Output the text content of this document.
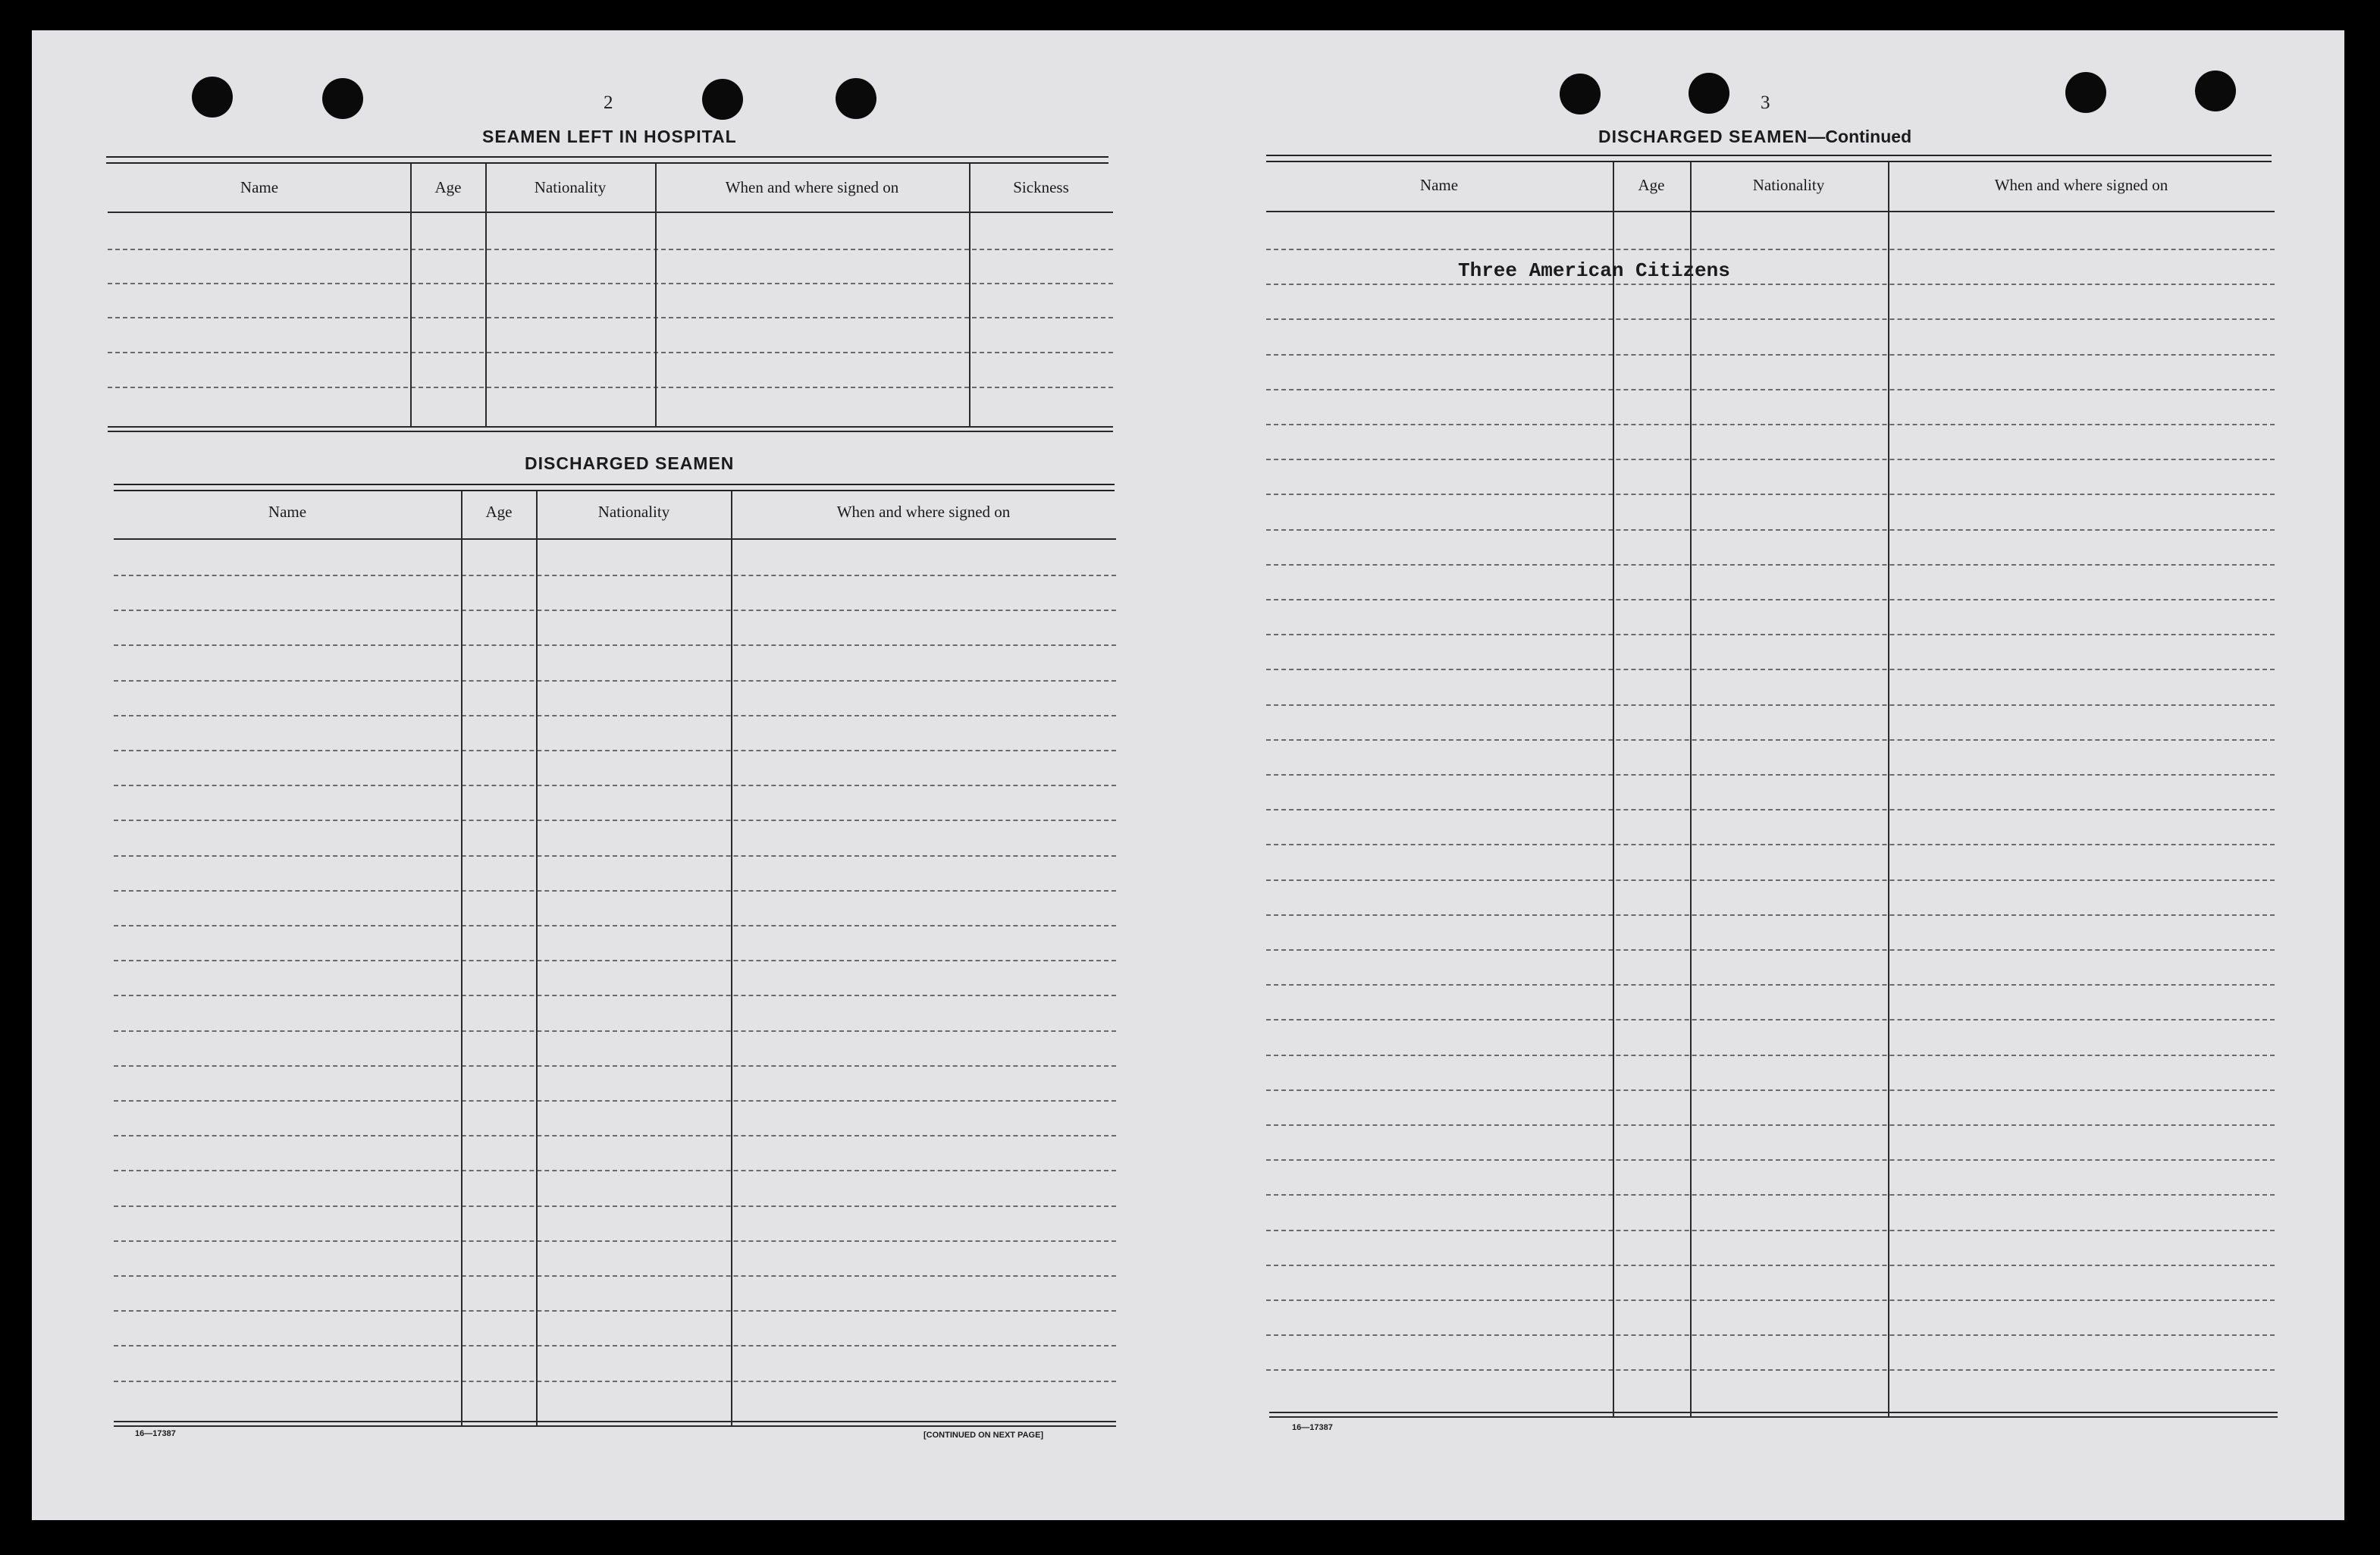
2
SEAMEN LEFT IN HOSPITAL
Name	Age	Nationality	When and where signed on	Sickness
DISCHARGED SEAMEN
Name	Age	Nationality	When and where signed on
16—17387	[CONTINUED ON NEXT PAGE]
3
DISCHARGED SEAMEN—Continued
Name	Age	Nationality	When and where signed on
Three American Citizens
16—17387
